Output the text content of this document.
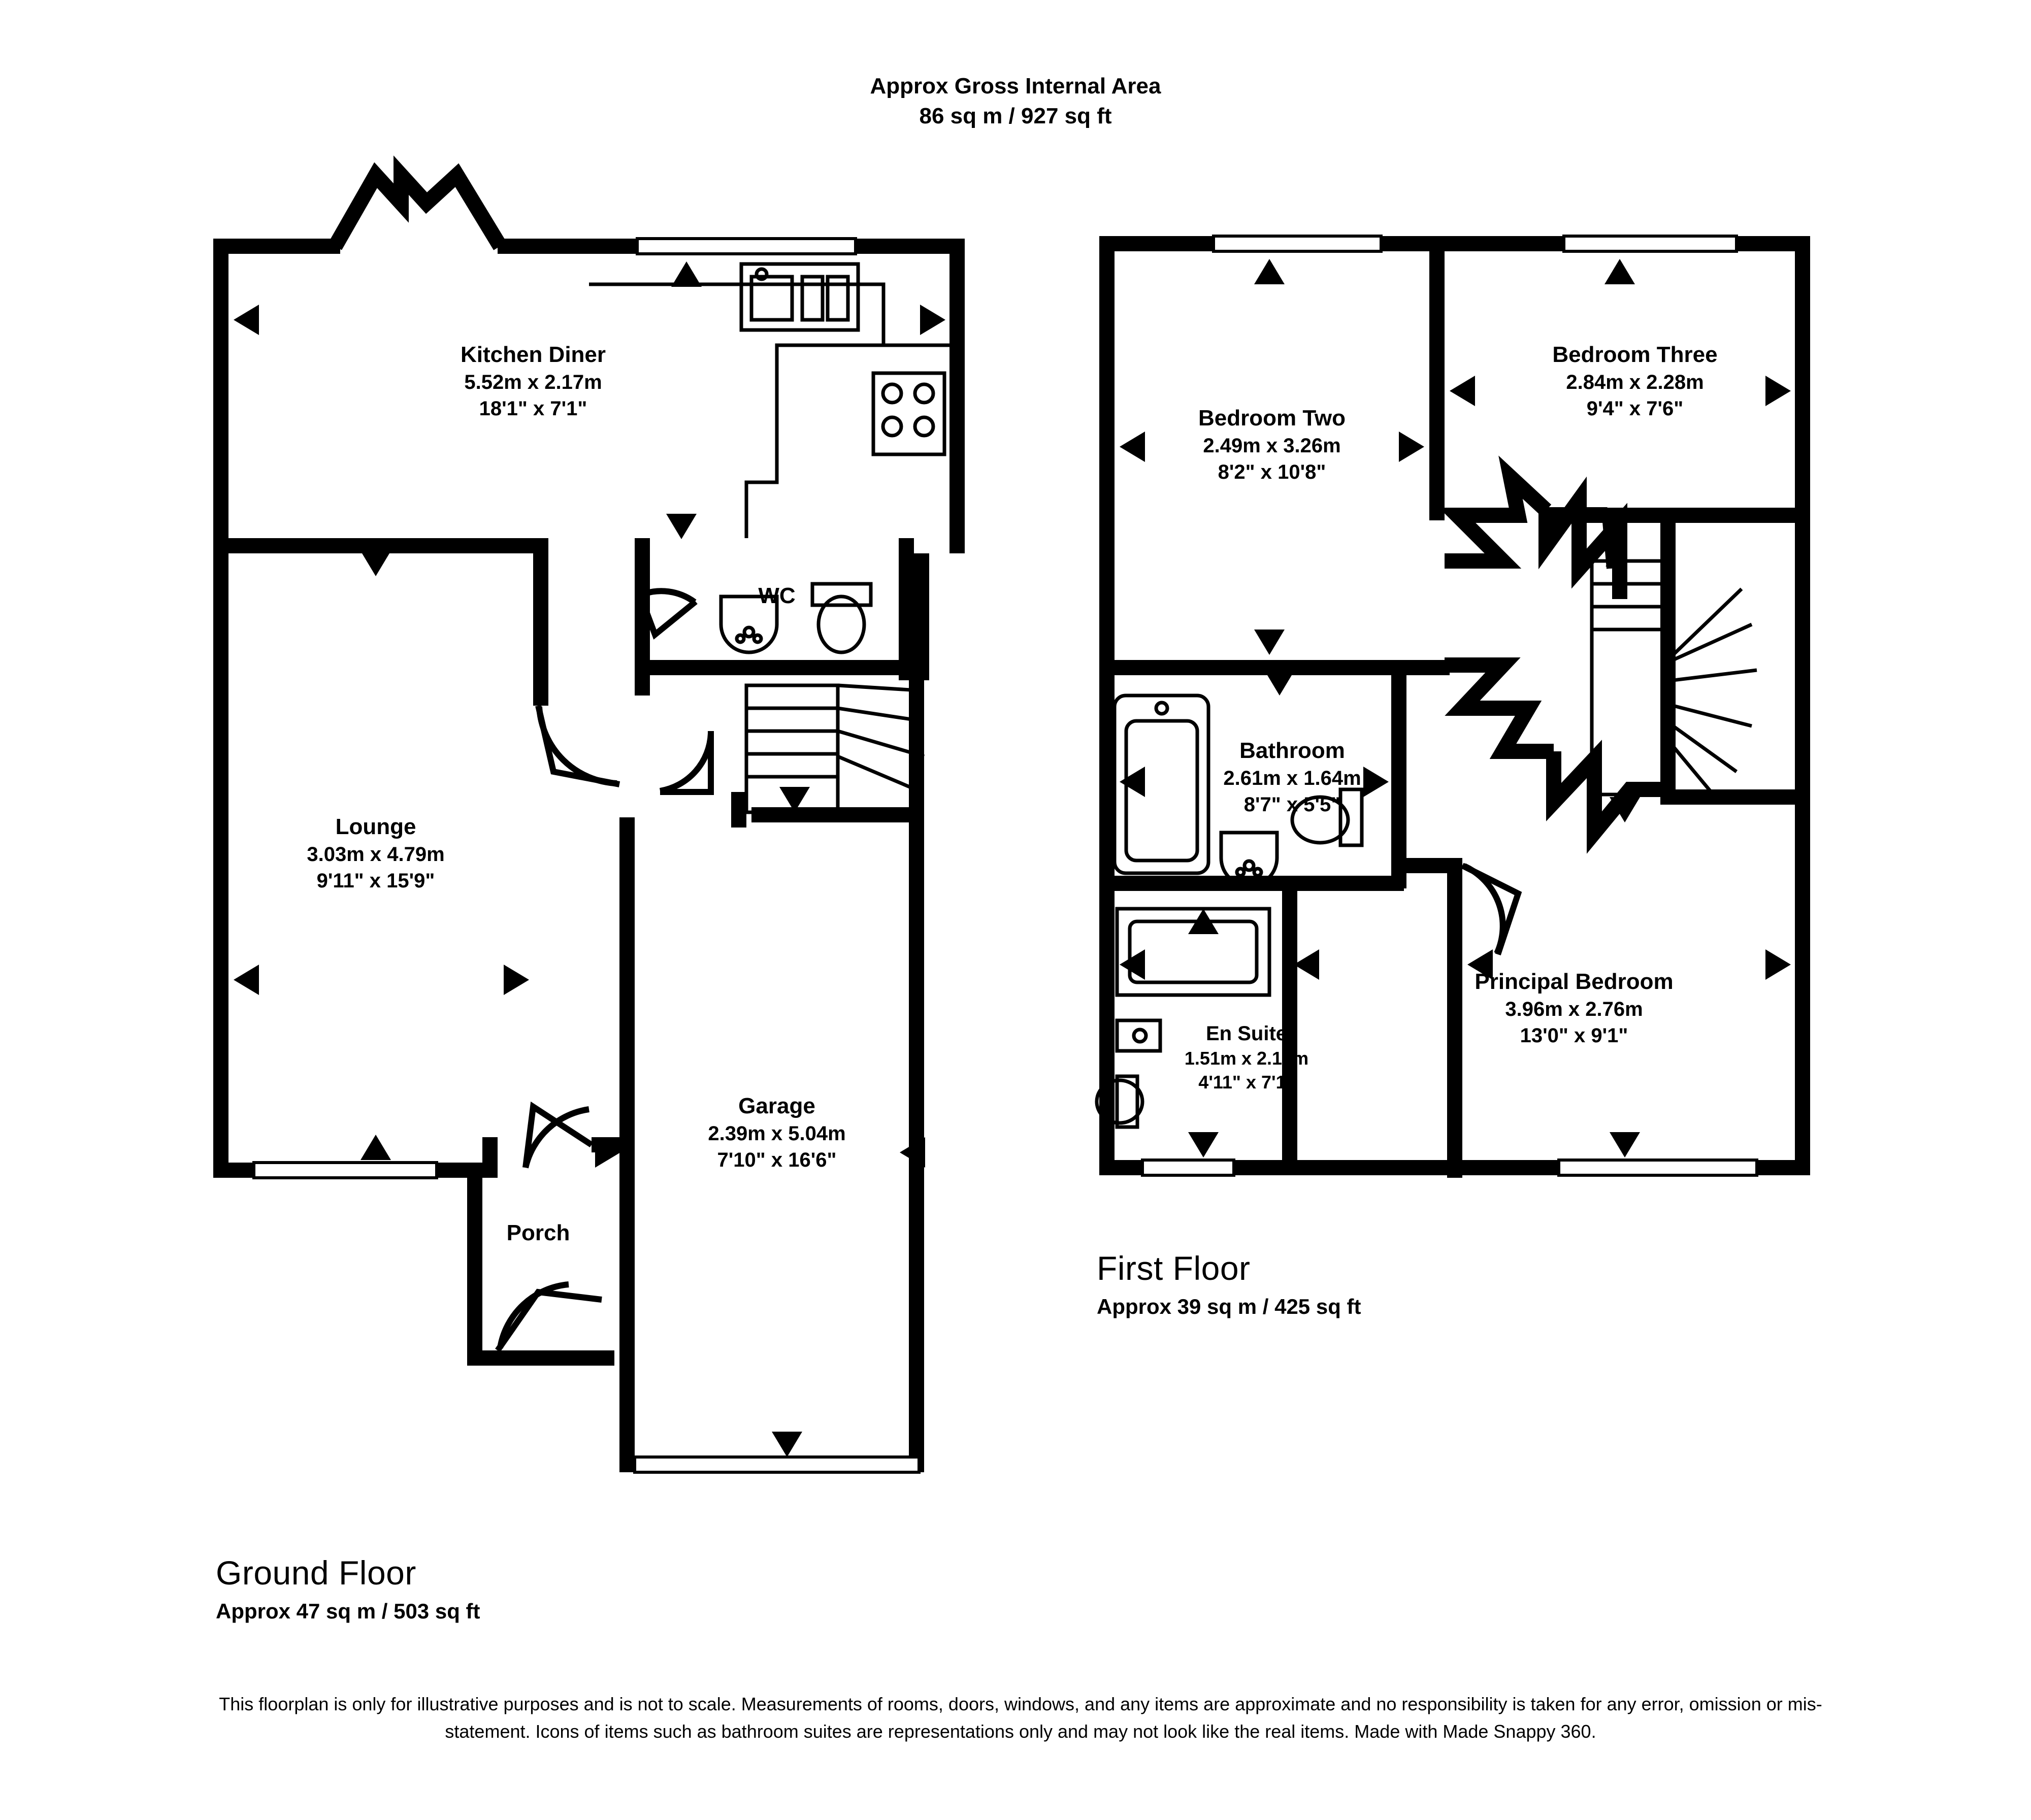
Approx Gross Internal Area
86 sq m / 927 sq ft
Kitchen Diner
5.52m x 2.17m
18'1" x 7'1"
WC
Lounge
3.03m x 4.79m
9'11" x 15'9"
Garage
2.39m x 5.04m
7'10" x 16'6"
Porch
Bedroom Two
2.49m x 3.26m
8'2" x 10'8"
Bedroom Three
2.84m x 2.28m
9'4" x 7'6"
Bathroom
2.61m x 1.64m
8'7" x 5'5"
En Suite
1.51m x 2.15m
4'11" x 7'1"
Principal Bedroom
3.96m x 2.76m
13'0" x 9'1"
First Floor
Approx 39 sq m / 425 sq ft
Ground Floor
Approx 47 sq m / 503 sq ft
This floorplan is only for illustrative purposes and is not to scale. Measurements of rooms, doors, windows, and any items are approximate and no responsibility is taken for any error, omission or mis-statement. Icons of items such as bathroom suites are representations only and may not look like the real items. Made with Made Snappy 360.
